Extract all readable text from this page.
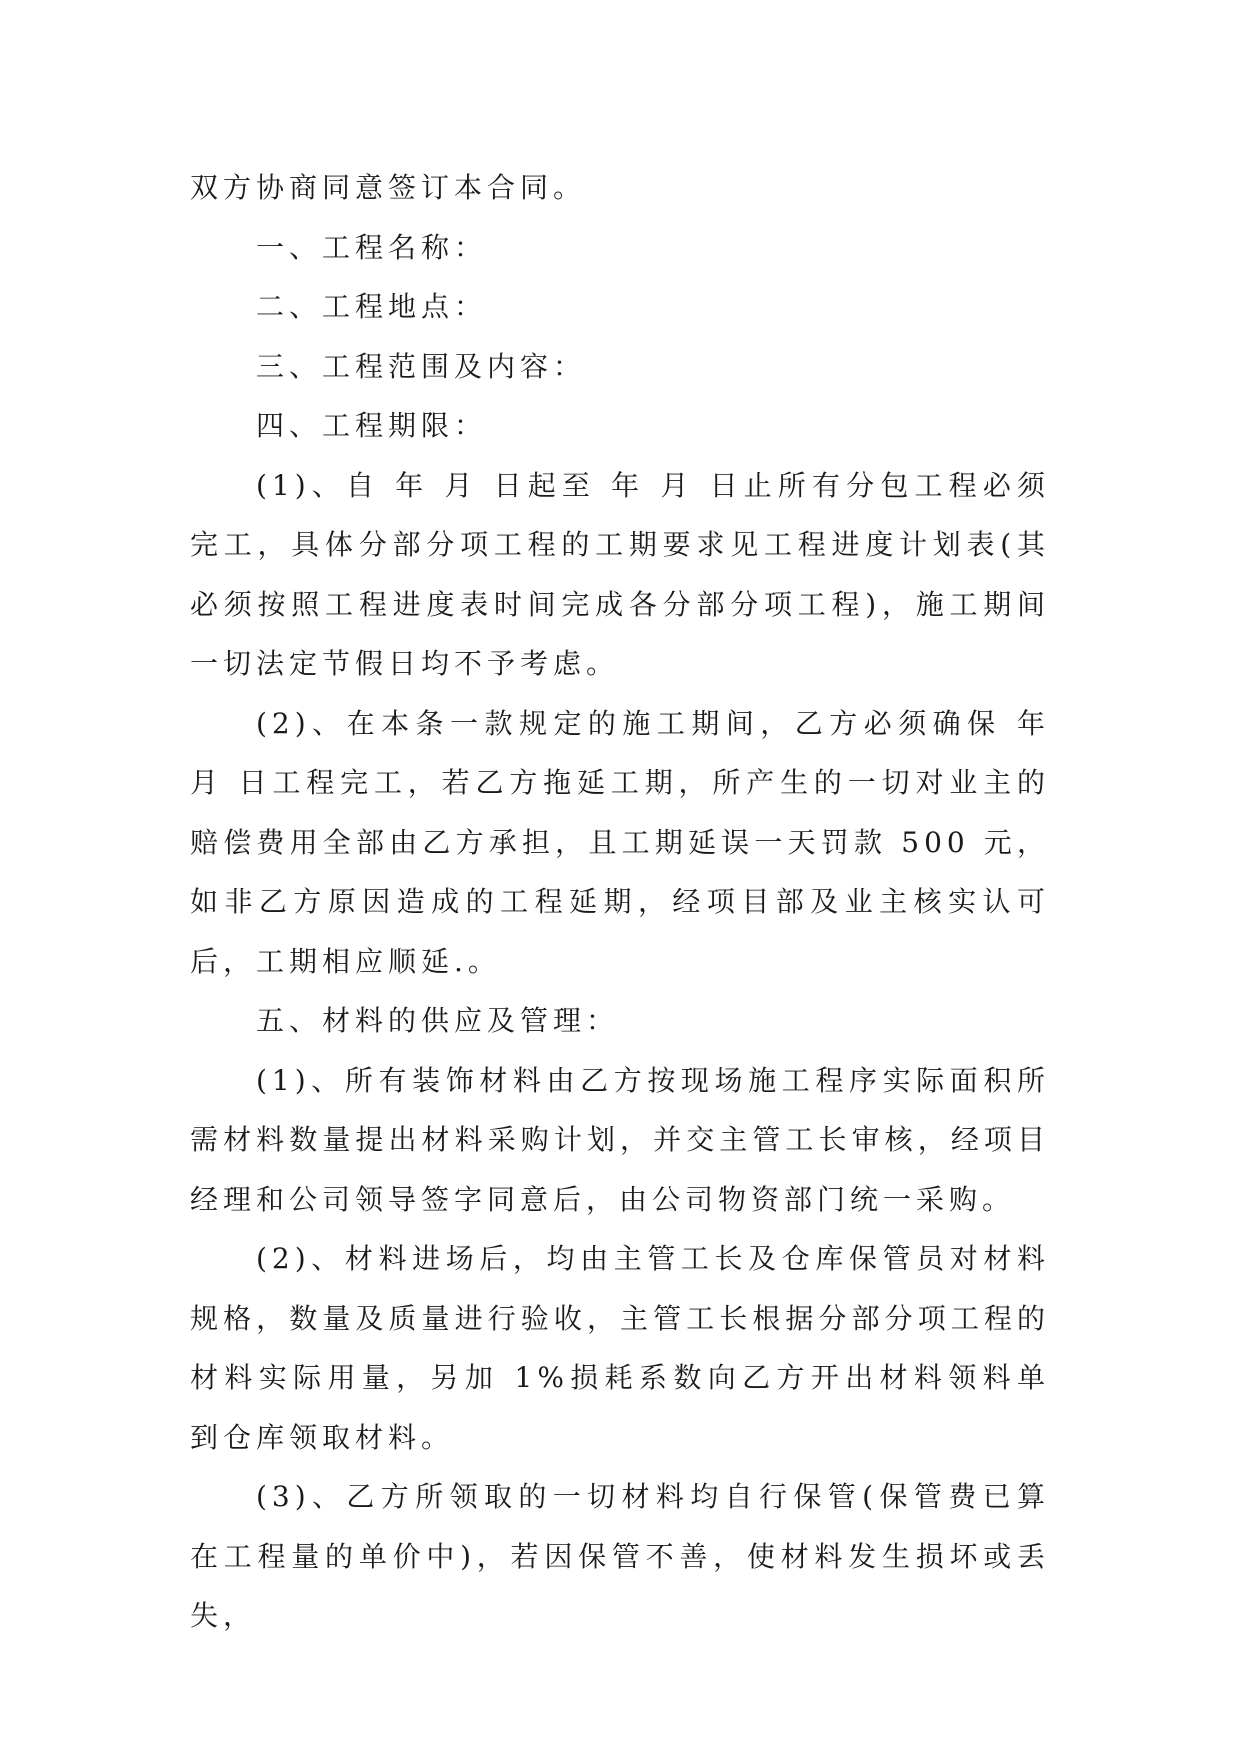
双方协商同意签订本合同。

一、工程名称：

二、工程地点：

三、工程范围及内容：

四、工程期限：

(1)、自 年 月 日起至 年 月 日止所有分包工程必须完工，具体分部分项工程的工期要求见工程进度计划表(其必须按照工程进度表时间完成各分部分项工程)，施工期间一切法定节假日均不予考虑。

(2)、在本条一款规定的施工期间，乙方必须确保 年 月 日工程完工，若乙方拖延工期，所产生的一切对业主的赔偿费用全部由乙方承担，且工期延误一天罚款 500 元，如非乙方原因造成的工程延期，经项目部及业主核实认可后，工期相应顺延.。

五、材料的供应及管理：

(1)、所有装饰材料由乙方按现场施工程序实际面积所需材料数量提出材料采购计划，并交主管工长审核，经项目经理和公司领导签字同意后，由公司物资部门统一采购。

(2)、材料进场后，均由主管工长及仓库保管员对材料规格，数量及质量进行验收，主管工长根据分部分项工程的材料实际用量，另加 1%损耗系数向乙方开出材料领料单到仓库领取材料。

(3)、乙方所领取的一切材料均自行保管(保管费已算在工程量的单价中)，若因保管不善，使材料发生损坏或丢失，
